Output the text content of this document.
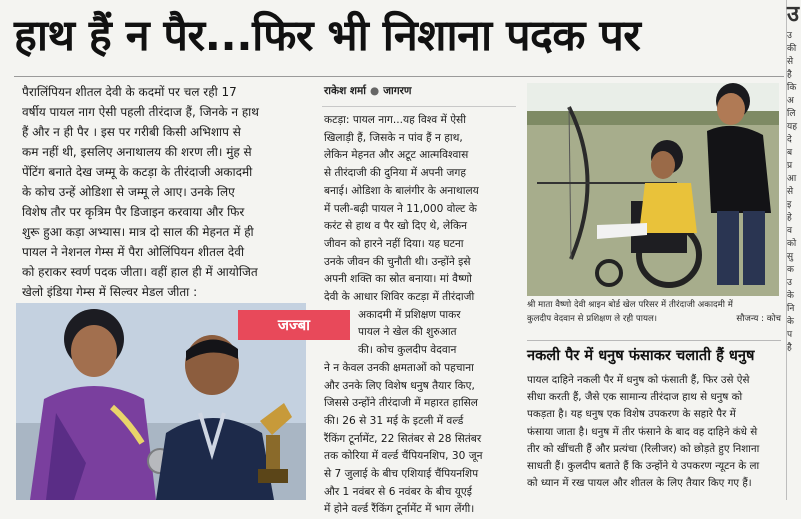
हाथ हैं न पैर...फिर भी निशाना पदक पर	उ
उ
की
से
है
कि
अ
लि
यह
दे
ब
प्र
आ
से
इ
हे
व
को
सु
क
उ
के
नि
के
प
है
पैरालिंपियन शीतल देवी के कदमों पर चल रही 17
वर्षीय पायल नाग ऐसी पहली तीरंदाज हैं, जिनके न हाथ
हैं और न ही पैर । इस पर गरीबी किसी अभिशाप से
कम नहीं थी, इसलिए अनाथालय की शरण ली। मुंह से
पेंटिंग बनाते देख जम्मू के कटड़ा के तीरंदाजी अकादमी
के कोच उन्हें ओडिशा से जम्मू ले आए। उनके लिए
विशेष तौर पर कृत्रिम पैर डिजाइन करवाया और फिर
शुरू हुआ कड़ा अभ्यास। मात्र दो साल की मेहनत में ही
पायल ने नेशनल गेम्स में पैरा ओलिंपियन शीतल देवी
को हराकर स्वर्ण पदक जीता। वहीं हाल ही में आयोजित
खेलो इंडिया गेम्स में सिल्वर मेडल जीता :
जज्बा
राकेश शर्मा ● जागरण
कटड़ा: पायल नाग...यह विश्व में ऐसी
खिलाड़ी हैं, जिसके न पांव हैं न हाथ,
लेकिन मेहनत और अटूट आत्मविश्वास
से तीरंदाजी की दुनिया में अपनी जगह
बनाई। ओडिशा के बालंगीर के अनाथालय
में पली-बढ़ी पायल ने 11,000 वोल्ट के
करंट से हाथ व पैर खो दिए थे, लेकिन
जीवन को हारने नहीं दिया। यह घटना
उनके जीवन की चुनौती थी। उन्होंने इसे
अपनी शक्ति का स्रोत बनाया। मां वैष्णो
देवी के आधार शिविर कटड़ा में तीरंदाजी
अकादमी में प्रशिक्षण पाकर
पायल ने खेल की शुरुआत
की। कोच कुलदीप वेदवान
ने न केवल उनकी क्षमताओं को पहचाना
और उनके लिए विशेष धनुष तैयार किए,
जिससे उन्होंने तीरंदाजी में महारत हासिल
की। 26 से 31 मई के इटली में वर्ल्ड
रैंकिंग टूर्नामेंट, 22 सितंबर से 28 सितंबर
तक कोरिया में वर्ल्ड चैंपियनशिप, 30 जून
से 7 जुलाई के बीच एशियाई चैंपियनशिप
और 1 नवंबर से 6 नवंबर के बीच यूएई
में होने वर्ल्ड रैंकिंग टूर्नामेंट में भाग लेंगी।
श्री माता वैष्णो देवी श्राइन बोर्ड खेल परिसर में तीरंदाजी अकादमी में
कुलदीप वेदवान से प्रशिक्षण ले रही पायल।	सौजन्य : कोच
नकली पैर में धनुष फंसाकर चलाती हैं धनुष
पायल दाहिने नकली पैर में धनुष को फंसाती हैं, फिर उसे ऐसे
सीधा करती हैं, जैसे एक सामान्य तीरंदाज हाथ से धनुष को
पकड़ता है। यह धनुष एक विशेष उपकरण के सहारे पैर में
फंसाया जाता है। धनुष में तीर फंसाने के बाद वह दाहिने कंधे से
तीर को खींचती हैं और प्रत्यंचा (रिलीजर) को छोड़ते हुए निशाना
साधती हैं। कुलदीप बताते हैं कि उन्होंने ये उपकरण न्यूटन के ला
को ध्यान में रख पायल और शीतल के लिए तैयार किए गए हैं।
